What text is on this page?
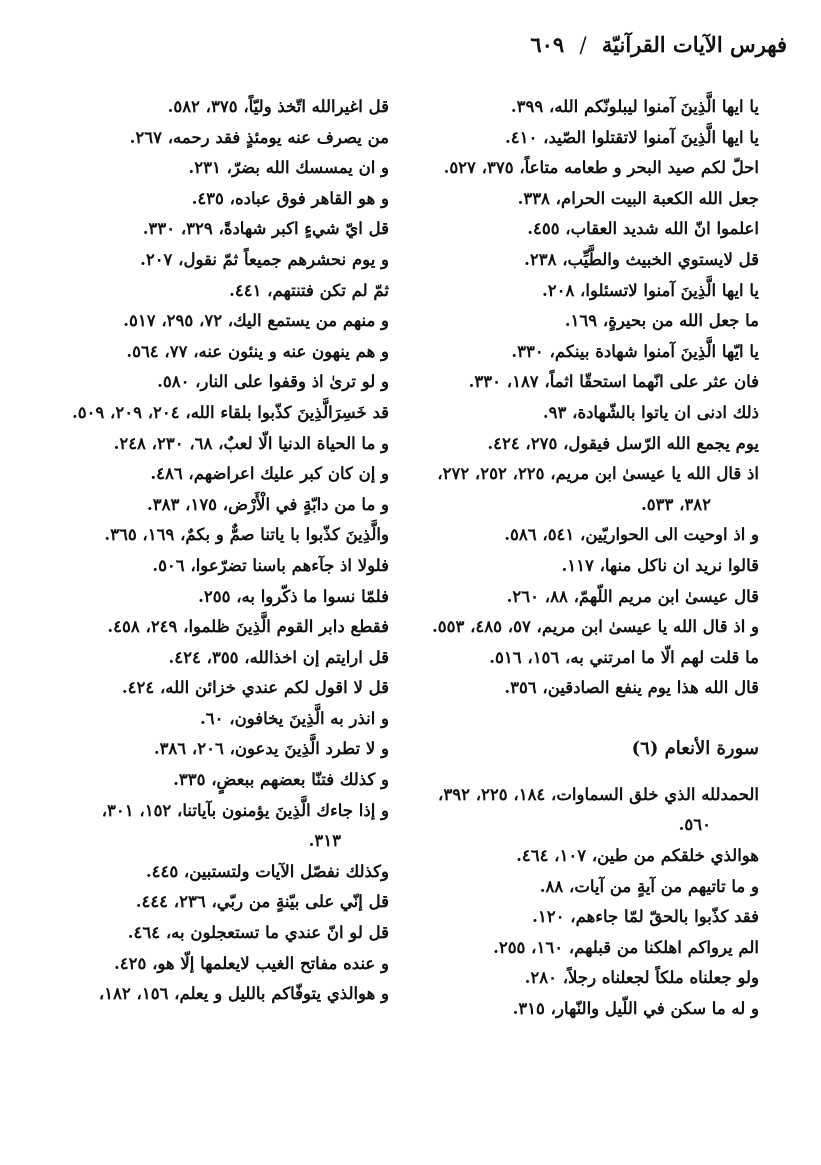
فهرس الآيات القرآنيّة / ٦٠٩
يا ايها الَّذِينَ آمنوا ليبلونّكم الله، ٣٩٩.
يا ايها الَّذِينَ آمنوا لاتقتلوا الصّيد، ٤١٠.
احلّ لكم صيد البحر و طعامه متاعاً، ٣٧٥، ٥٢٧.
جعل الله الكعبة البيت الحرام، ٣٣٨.
اعلموا انّ الله شديد العقاب، ٤٥٥.
قل لايستوي الخبيث والطَّيِّب، ٢٣٨.
يا ايها الَّذِينَ آمنوا لاتسئلوا، ٢٠٨.
ما جعل الله من بحيرةٍ، ١٦٩.
يا ايّها الَّذِينَ آمنوا شهادة بينكم، ٣٣٠.
فان عثر على انّهما استحقّا اثماً، ١٨٧، ٣٣٠.
ذلك ادنى ان ياتوا بالشّهادة، ٩٣.
يوم يجمع الله الرّسل فيقول، ٢٧٥، ٤٢٤.
اذ قال الله يا عيسىٰ ابن مريم، ٢٢٥، ٢٥٢، ٢٧٢،
٣٨٢، ٥٣٣.
و اذ اوحيت الى الحواريّين، ٥٤١، ٥٨٦.
قالوا نريد ان ناكل منها، ١١٧.
قال عيسىٰ ابن مريم اللّهمّ، ٨٨، ٢٦٠.
و اذ قال الله يا عيسىٰ ابن مريم، ٥٧، ٤٨٥، ٥٥٣.
ما قلت لهم الّا ما امرتني به، ١٥٦، ٥١٦.
قال الله هذا يوم ينفع الصادقين، ٣٥٦.
سورة الأنعام (٦)
الحمدلله الذي خلق السماوات، ١٨٤، ٢٢٥، ٣٩٢،
٥٦٠.
هوالذي خلقكم من طين، ١٠٧، ٤٦٤.
و ما تاتيهم من آيةٍ من آيات، ٨٨.
فقد كذّبوا بالحقّ لمّا جاءهم، ١٢٠.
الم يرواكم اهلكنا من قبلهم، ١٦٠، ٢٥٥.
ولو جعلناه ملكاً لجعلناه رجلاً، ٢٨٠.
و له ما سكن في اللّيل والنّهار، ٣١٥.
قل اغيرالله اتّخذ وليّاً، ٣٧٥، ٥٨٢.
من يصرف عنه يومئذٍ فقد رحمه، ٢٦٧.
و ان يمسسك الله بضرّ، ٢٣١.
و هو القاهر فوق عباده، ٤٣٥.
قل ايّ شيءٍ اكبر شهادةً، ٣٢٩، ٣٣٠.
و يوم نحشرهم جميعاً ثمّ نقول، ٢٠٧.
ثمّ لم تكن فتنتهم، ٤٤١.
و منهم من يستمع اليك، ٧٢، ٢٩٥، ٥١٧.
و هم ينهون عنه و ينئون عنه، ٧٧، ٥٦٤.
و لو ترىٰ اذ وقفوا على النار، ٥٨٠.
قد خَسِرَالَّذِينَ كذّبوا بلقاء الله، ٢٠٤، ٢٠٩، ٥٠٩.
و ما الحياة الدنيا الّا لعبٌ، ٦٨، ٢٣٠، ٢٤٨.
و إن كان كبر عليك اعراضهم، ٤٨٦.
و ما من دابّةٍ في الْأَرْض، ١٧٥، ٣٨٣.
والَّذِينَ كذّبوا با ياتنا صمٌّ و بكمٌ، ١٦٩، ٣٦٥.
فلولا اذ جآءهم باسنا تضرّعوا، ٥٠٦.
فلمّا نسوا ما ذكّروا به، ٢٥٥.
فقطع دابر القوم الَّذِينَ ظلموا، ٢٤٩، ٤٥٨.
قل ارايتم إن اخذالله، ٣٥٥، ٤٢٤.
قل لا اقول لكم عندي خزائن الله، ٤٢٤.
و انذر به الَّذِينَ يخافون، ٦٠.
و لا تطرد الَّذِينَ يدعون، ٢٠٦، ٣٨٦.
و كذلك فتنّا بعضهم ببعضٍ، ٣٣٥.
و إذا جاءك الَّذِينَ يؤمنون بآياتنا، ١٥٢، ٣٠١،
٣١٣.
وكذلك نفصّل الآيات ولتستبين، ٤٤٥.
قل إنّي على بيّنةٍ من ربّي، ٢٣٦، ٤٤٤.
قل لو انّ عندي ما تستعجلون به، ٤٦٤.
و عنده مفاتح الغيب لايعلمها إلّا هو، ٤٢٥.
و هوالذي يتوفّاكم بالليل و يعلم، ١٥٦، ١٨٢،
